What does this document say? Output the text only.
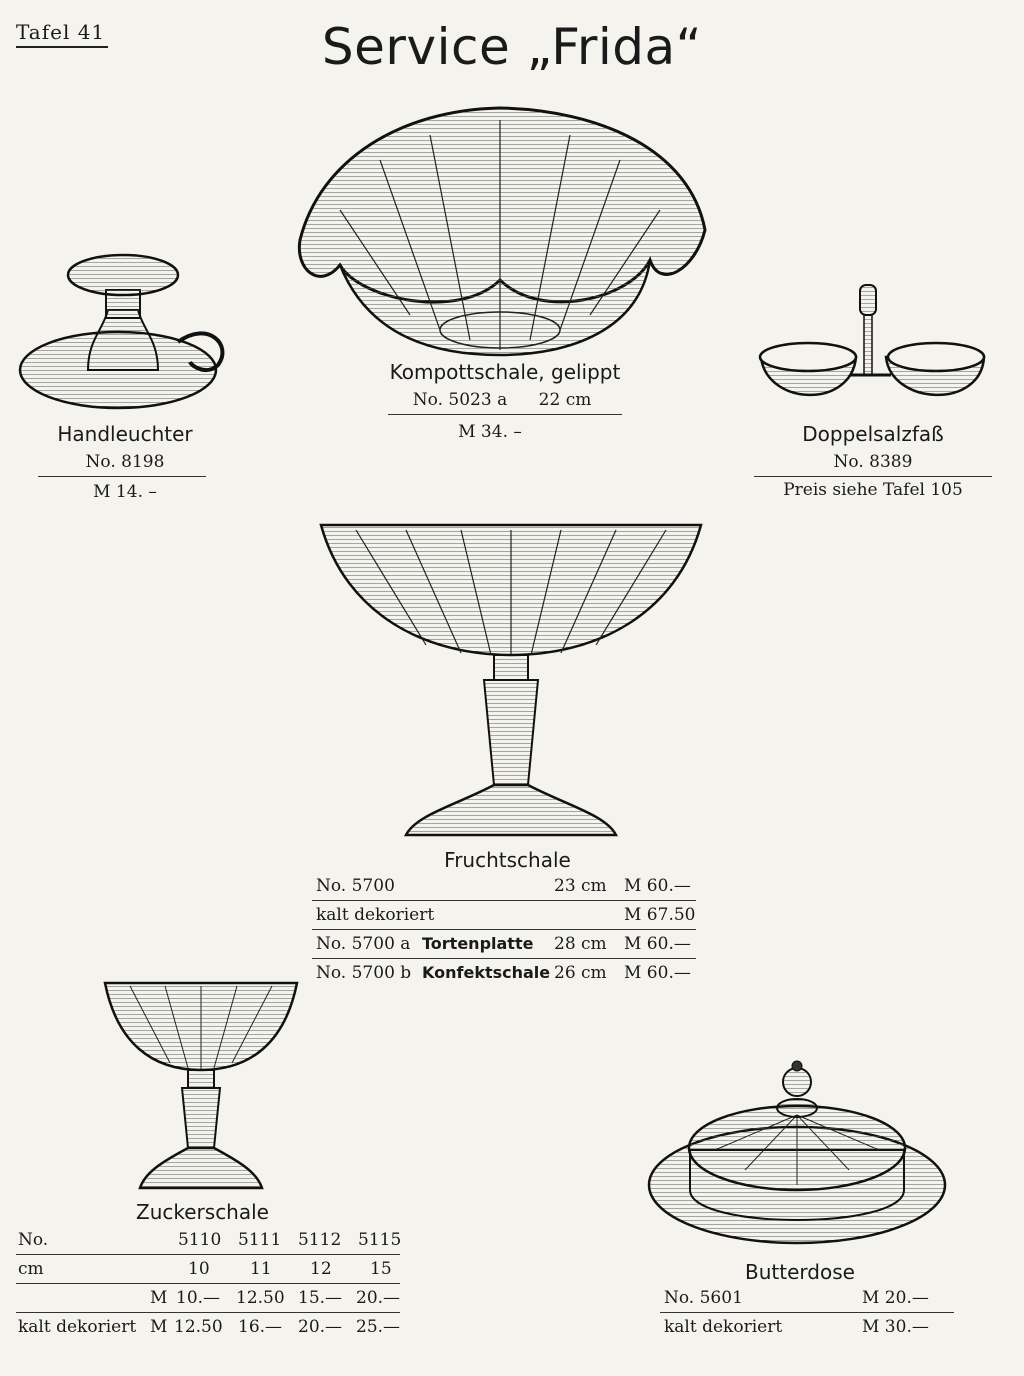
Tafel 41	Service „Frida“
Kompottschale, gelippt
No. 5023 a	22 cm
M 34. –
Handleuchter
No. 8198
M 14. –
Doppelsalzfaß
No. 8389
Preis siehe Tafel 105
Fruchtschale
No. 5700	23 cm M 60.—
kalt dekoriert	M 67.50
No. 5700 a Tortenplatte 28 cm M 60.—
No. 5700 b Konfektschale 26 cm M 60.—
Zuckerschale
No.	5110 5111 5112 5115
cm	10 11 12 15
M 10.— 12.50 15.— 20.—
kalt dekoriert M 12.50 16.— 20.— 25.—
Butterdose
No. 5601	M 20.—
kalt dekoriert	M 30.—
